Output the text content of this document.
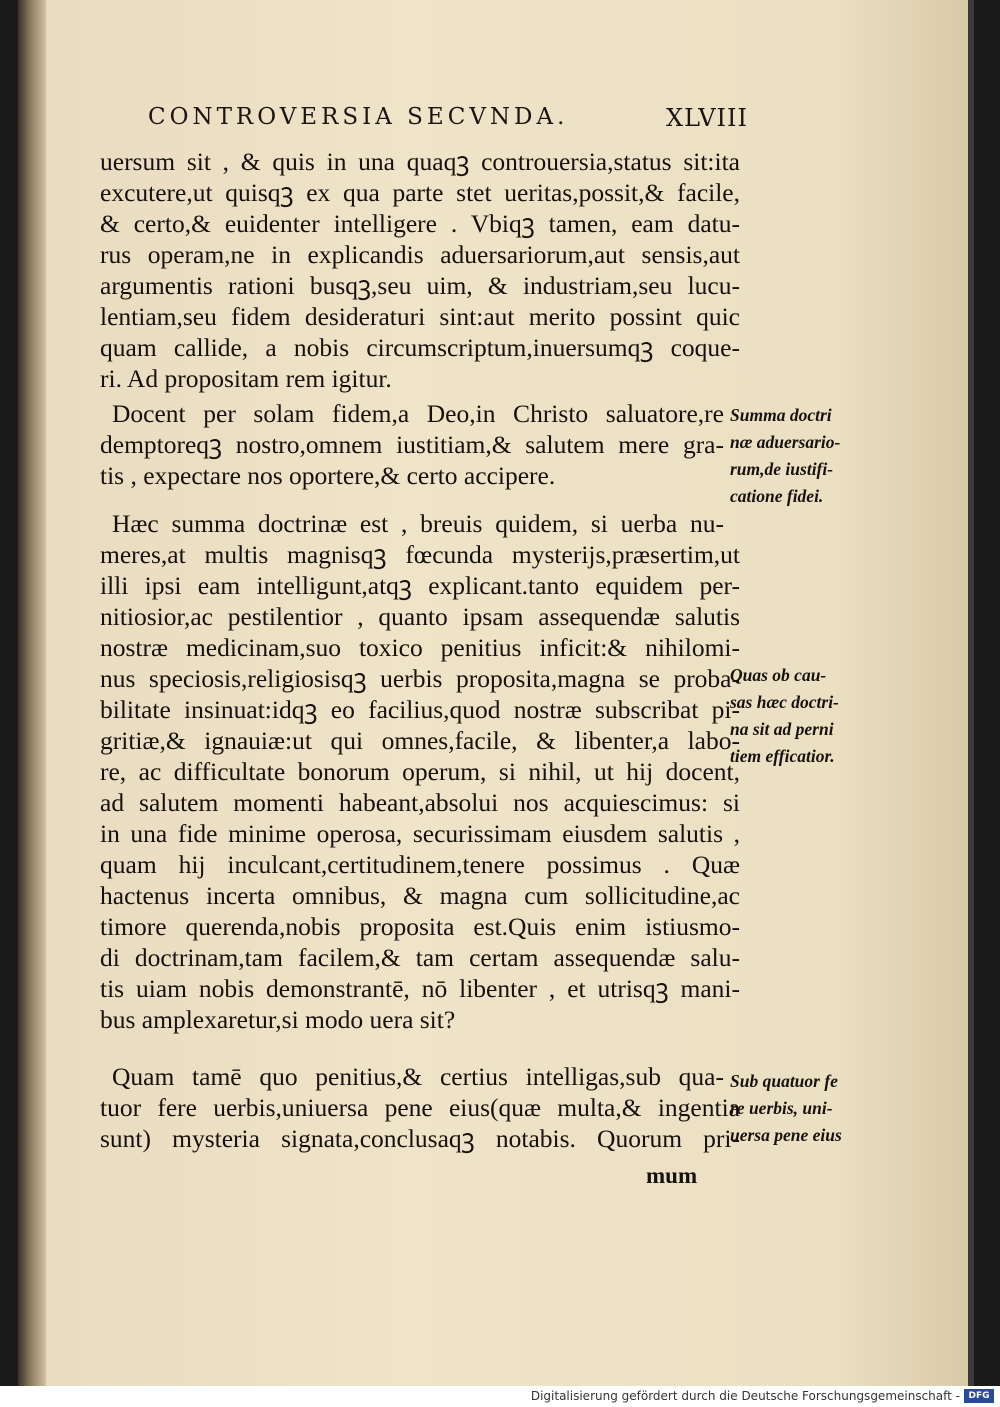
CONTROVERSIA SECVNDA.	XLVIII

uersum sit , & quis in una quaqꝫ controuersia,status sit:ita

excutere,ut quisqꝫ ex qua parte stet ueritas,possit,& facile,

& certo,& euidenter intelligere . Vbiqꝫ tamen, eam datu-

rus operam,ne in explicandis aduersariorum,aut sensis,aut

argumentis rationi busqꝫ,seu uim, & industriam,seu lucu-

lentiam,seu fidem desideraturi sint:aut merito possint quic

quam callide, a nobis circumscriptum,inuersumqꝫ coque-

ri. Ad propositam rem igitur.

Docent per solam fidem,a Deo,in Christo saluatore,re

demptoreqꝫ nostro,omnem iustitiam,& salutem mere gra-

tis , expectare nos oportere,& certo accipere.

Hæc summa doctrinæ est , breuis quidem, si uerba nu-

meres,at multis magnisqꝫ fœcunda mysterijs,præsertim,ut

illi ipsi eam intelligunt,atqꝫ explicant.tanto equidem per-

nitiosior,ac pestilentior , quanto ipsam assequendæ salutis

nostræ medicinam,suo toxico penitius inficit:& nihilomi-

nus speciosis,religiosisqꝫ uerbis proposita,magna se proba-

bilitate insinuat:idqꝫ eo facilius,quod nostræ subscribat pi-

gritiæ,& ignauiæ:ut qui omnes,facile, & libenter,a labo-

re, ac difficultate bonorum operum, si nihil, ut hij docent,

ad salutem momenti habeant,absolui nos acquiescimus: si

in una fide minime operosa, securissimam eiusdem salutis ,

quam hij inculcant,certitudinem,tenere possimus . Quæ

hactenus incerta omnibus, & magna cum sollicitudine,ac

timore querenda,nobis proposita est.Quis enim istiusmo-

di doctrinam,tam facilem,& tam certam assequendæ salu-

tis uiam nobis demonstrantē, nō libenter , et utrisqꝫ mani-

bus amplexaretur,si modo uera sit?

Quam tamē quo penitius,& certius intelligas,sub qua-

tuor fere uerbis,uniuersa pene eius(quæ multa,& ingentia

sunt) mysteria signata,conclusaqꝫ notabis. Quorum pri-

mum
Summa doctri
næ aduersario-
rum,de iustifi-
catione fidei.
Quas ob cau-
sas hæc doctri-
na sit ad perni
tiem efficatior.
Sub quatuor fe
re uerbis, uni-
uersa pene eius
Digitalisierung gefördert durch die Deutsche Forschungsgemeinschaft - DFG
